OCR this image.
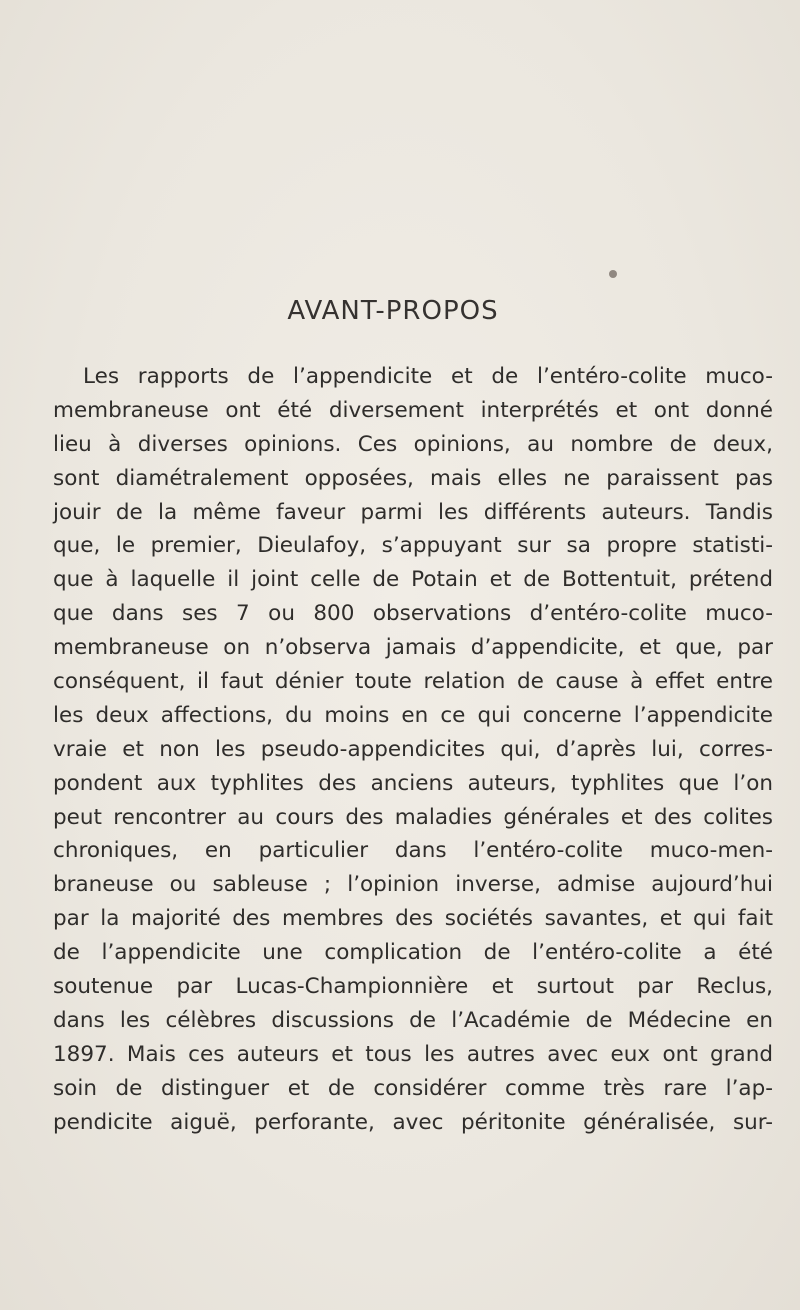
AVANT-PROPOS
Les rapports de l’appendicite et de l’entéro-colite muco-
membraneuse ont été diversement interprétés et ont donné
lieu à diverses opinions. Ces opinions, au nombre de deux,
sont diamétralement opposées, mais elles ne paraissent pas
jouir de la même faveur parmi les différents auteurs. Tandis
que, le premier, Dieulafoy, s’appuyant sur sa propre statisti-
que à laquelle il joint celle de Potain et de Bottentuit, prétend
que dans ses 7 ou 800 observations d’entéro-colite muco-
membraneuse on n’observa jamais d’appendicite, et que, par
conséquent, il faut dénier toute relation de cause à effet entre
les deux affections, du moins en ce qui concerne l’appendicite
vraie et non les pseudo-appendicites qui, d’après lui, corres-
pondent aux typhlites des anciens auteurs, typhlites que l’on
peut rencontrer au cours des maladies générales et des colites
chroniques, en particulier dans l’entéro-colite muco-men-
braneuse ou sableuse ; l’opinion inverse, admise aujourd’hui
par la majorité des membres des sociétés savantes, et qui fait
de l’appendicite une complication de l’entéro-colite a été
soutenue par Lucas-Championnière et surtout par Reclus,
dans les célèbres discussions de l’Académie de Médecine en
1897. Mais ces auteurs et tous les autres avec eux ont grand
soin de distinguer et de considérer comme très rare l’ap-
pendicite aiguë, perforante, avec péritonite généralisée, sur-
